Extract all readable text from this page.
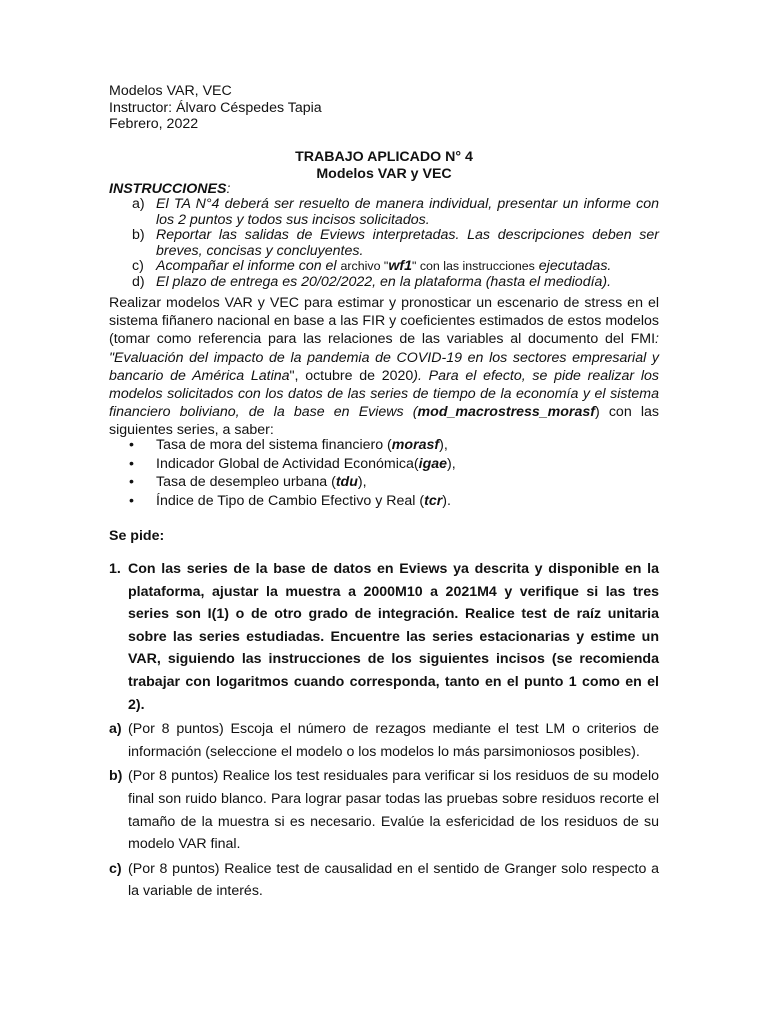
Modelos VAR, VEC
Instructor: Álvaro Céspedes Tapia
Febrero, 2022
TRABAJO APLICADO N° 4
Modelos VAR y VEC
INSTRUCCIONES:
a) El TA N°4 deberá ser resuelto de manera individual, presentar un informe con los 2 puntos y todos sus incisos solicitados.
b) Reportar las salidas de Eviews interpretadas. Las descripciones deben ser breves, concisas y concluyentes.
c) Acompañar el informe con el archivo "wf1" con las instrucciones ejecutadas.
d) El plazo de entrega es 20/02/2022, en la plataforma (hasta el mediodía).
Realizar modelos VAR y VEC para estimar y pronosticar un escenario de stress en el sistema fiñanero nacional en base a las FIR y coeficientes estimados de estos modelos (tomar como referencia para las relaciones de las variables al documento del FMI: "Evaluación del impacto de la pandemia de COVID-19 en los sectores empresarial y bancario de América Latina", octubre de 2020). Para el efecto, se pide realizar los modelos solicitados con los datos de las series de tiempo de la economía y el sistema financiero boliviano, de la base en Eviews (mod_macrostress_morasf) con las siguientes series, a saber:
• Tasa de mora del sistema financiero (morasf),
• Indicador Global de Actividad Económica(igae),
• Tasa de desempleo urbana (tdu),
• Índice de Tipo de Cambio Efectivo y Real (tcr).
Se pide:
1. Con las series de la base de datos en Eviews ya descrita y disponible en la plataforma, ajustar la muestra a 2000M10 a 2021M4 y verifique si las tres series son I(1) o de otro grado de integración. Realice test de raíz unitaria sobre las series estudiadas. Encuentre las series estacionarias y estime un VAR, siguiendo las instrucciones de los siguientes incisos (se recomienda trabajar con logaritmos cuando corresponda, tanto en el punto 1 como en el 2).
a) (Por 8 puntos) Escoja el número de rezagos mediante el test LM o criterios de información (seleccione el modelo o los modelos lo más parsimoniosos posibles).
b) (Por 8 puntos) Realice los test residuales para verificar si los residuos de su modelo final son ruido blanco. Para lograr pasar todas las pruebas sobre residuos recorte el tamaño de la muestra si es necesario. Evalúe la esfericidad de los residuos de su modelo VAR final.
c) (Por 8 puntos) Realice test de causalidad en el sentido de Granger solo respecto a la variable de interés.
